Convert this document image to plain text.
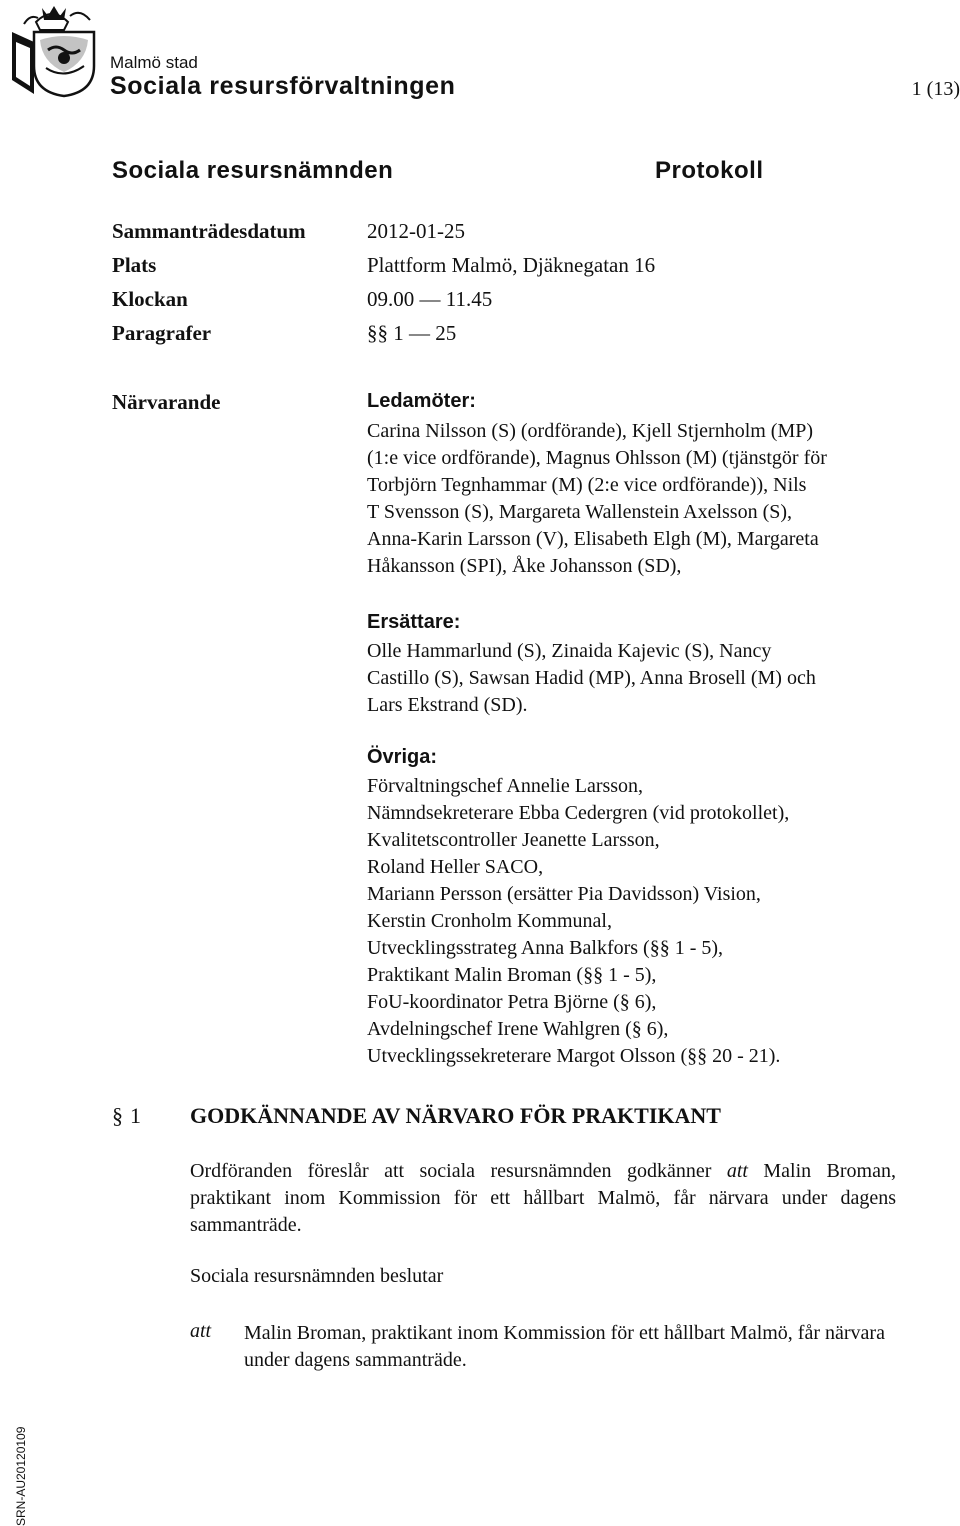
Malmö stad
Sociala resursförvaltningen	1 (13)
Sociala resursnämnden	Protokoll
Sammanträdesdatum	2012-01-25
Plats	Plattform Malmö, Djäknegatan 16
Klockan	09.00 — 11.45
Paragrafer	§§ 1 — 25
Närvarande	Ledamöter:
Carina Nilsson (S) (ordförande), Kjell Stjernholm (MP)
(1:e vice ordförande), Magnus Ohlsson (M) (tjänstgör för
Torbjörn Tegnhammar (M) (2:e vice ordförande)), Nils
T Svensson (S), Margareta Wallenstein Axelsson (S),
Anna-Karin Larsson (V), Elisabeth Elgh (M), Margareta
Håkansson (SPI), Åke Johansson (SD),
Ersättare:
Olle Hammarlund (S), Zinaida Kajevic (S), Nancy
Castillo (S), Sawsan Hadid (MP), Anna Brosell (M) och
Lars Ekstrand (SD).
Övriga:
Förvaltningschef Annelie Larsson,
Nämndsekreterare Ebba Cedergren (vid protokollet),
Kvalitetscontroller Jeanette Larsson,
Roland Heller SACO,
Mariann Persson (ersätter Pia Davidsson) Vision,
Kerstin Cronholm Kommunal,
Utvecklingsstrateg Anna Balkfors (§§ 1 - 5),
Praktikant Malin Broman (§§ 1 - 5),
FoU-koordinator Petra Björne (§ 6),
Avdelningschef Irene Wahlgren (§ 6),
Utvecklingssekreterare Margot Olsson (§§ 20 - 21).
§ 1 GODKÄNNANDE AV NÄRVARO FÖR PRAKTIKANT
Ordföranden föreslår att sociala resursnämnden godkänner att Malin Broman, praktikant inom Kommission för ett hållbart Malmö, får närvara under dagens sammanträde.
Sociala resursnämnden beslutar
att Malin Broman, praktikant inom Kommission för ett hållbart Malmö, får närvara under dagens sammanträde.
SRN-AU20120109
